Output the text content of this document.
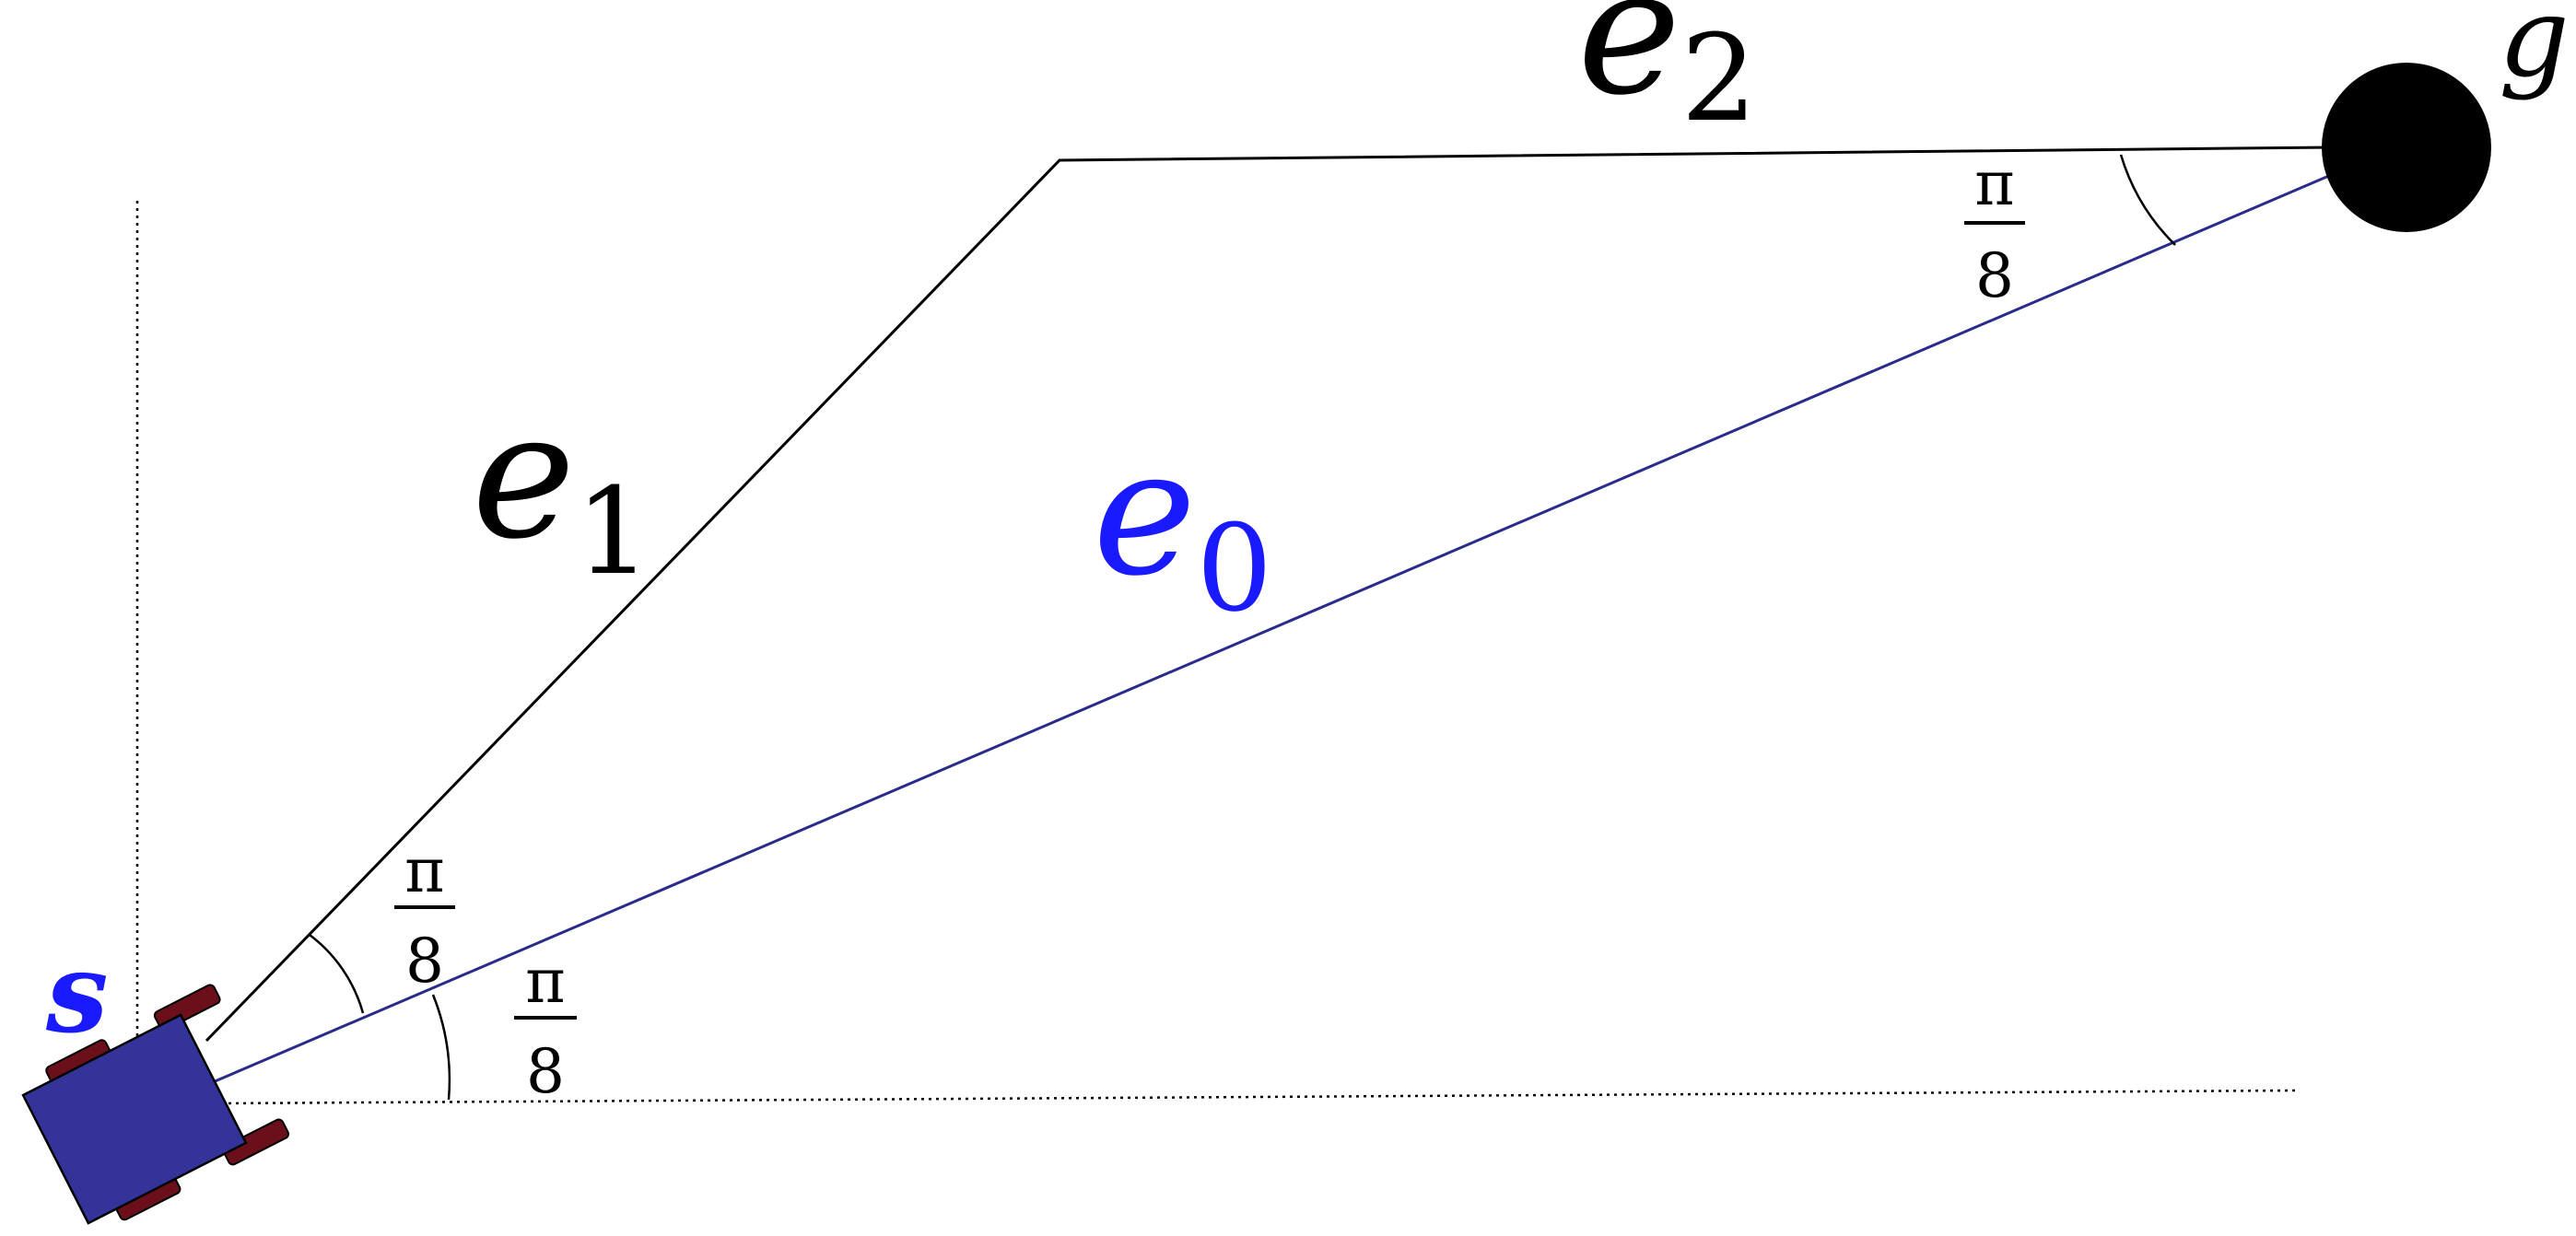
s
g
e2
e1	e0
π
8 π
8
π
8
